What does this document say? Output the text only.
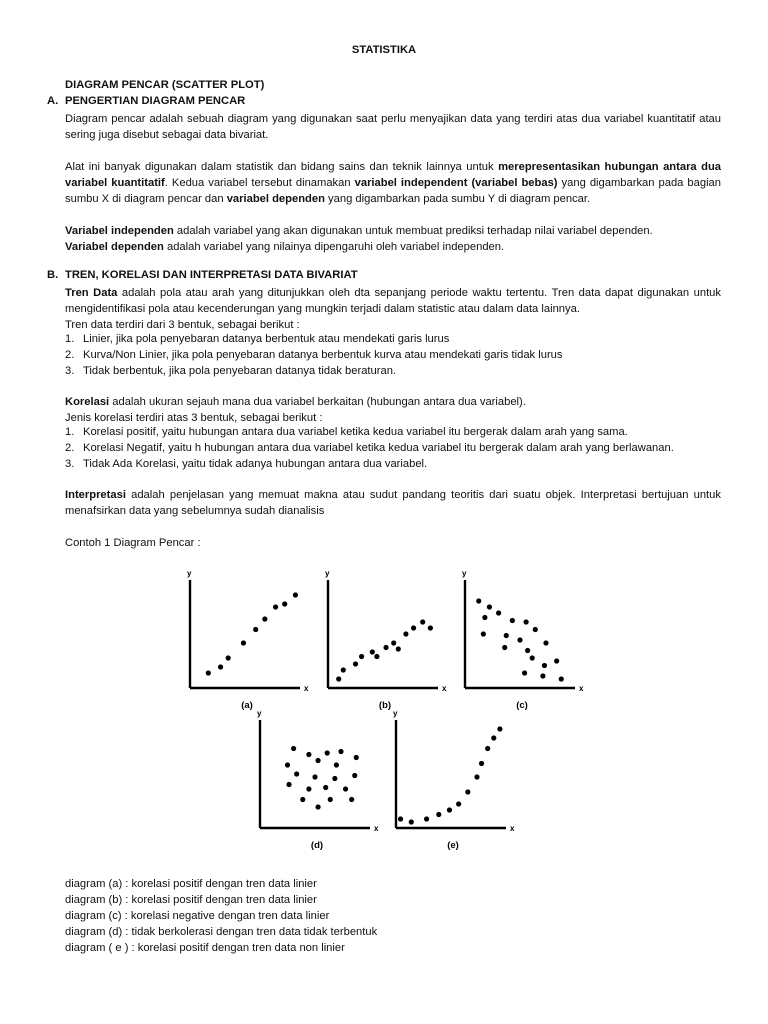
STATISTIKA
DIAGRAM PENCAR (SCATTER PLOT)
A. PENGERTIAN DIAGRAM PENCAR
Diagram pencar adalah sebuah diagram yang digunakan saat perlu menyajikan data yang terdiri atas dua variabel kuantitatif atau sering juga disebut sebagai data bivariat.
Alat ini banyak digunakan dalam statistik dan bidang sains dan teknik lainnya untuk merepresentasikan hubungan antara dua variabel kuantitatif. Kedua variabel tersebut dinamakan variabel independent (variabel bebas) yang digambarkan pada bagian sumbu X di diagram pencar dan variabel dependen yang digambarkan pada sumbu Y di diagram pencar.
Variabel independen adalah variabel yang akan digunakan untuk membuat prediksi terhadap nilai variabel dependen.
Variabel dependen adalah variabel yang nilainya dipengaruhi oleh variabel independen.
B. TREN, KORELASI DAN INTERPRETASI DATA BIVARIAT
Tren Data adalah pola atau arah yang ditunjukkan oleh dta sepanjang periode waktu tertentu. Tren data dapat digunakan untuk mengidentifikasi pola atau kecenderungan yang mungkin terjadi dalam statistic atau dalam data lainnya.
Tren data terdiri dari 3 bentuk, sebagai berikut :
1. Linier, jika pola penyebaran datanya berbentuk atau mendekati garis lurus
2. Kurva/Non Linier, jika pola penyebaran datanya berbentuk kurva atau mendekati garis tidak lurus
3. Tidak berbentuk, jika pola penyebaran datanya tidak beraturan.
Korelasi adalah ukuran sejauh mana dua variabel berkaitan (hubungan antara dua variabel).
Jenis korelasi terdiri atas 3 bentuk, sebagai berikut :
1. Korelasi positif, yaitu hubungan antara dua variabel ketika kedua variabel itu bergerak dalam arah yang sama.
2. Korelasi Negatif, yaitu h hubungan antara dua variabel ketika kedua variabel itu bergerak dalam arah yang berlawanan.
3. Tidak Ada Korelasi, yaitu tidak adanya hubungan antara dua variabel.
Interpretasi adalah penjelasan yang memuat makna atau sudut pandang teoritis dari suatu objek. Interpretasi bertujuan untuk menafsirkan data yang sebelumnya sudah dianalisis
Contoh 1 Diagram Pencar :
y
x
(a)
y
x
(b)
y
x
(c)
y
x
(d)
y
x
(e)
diagram (a) : korelasi positif dengan tren data linier
diagram (b) : korelasi positif dengan tren data linier
diagram (c) : korelasi negative dengan tren data linier
diagram (d) : tidak berkolerasi dengan tren data tidak terbentuk
diagram ( e ) : korelasi positif dengan tren data non linier
